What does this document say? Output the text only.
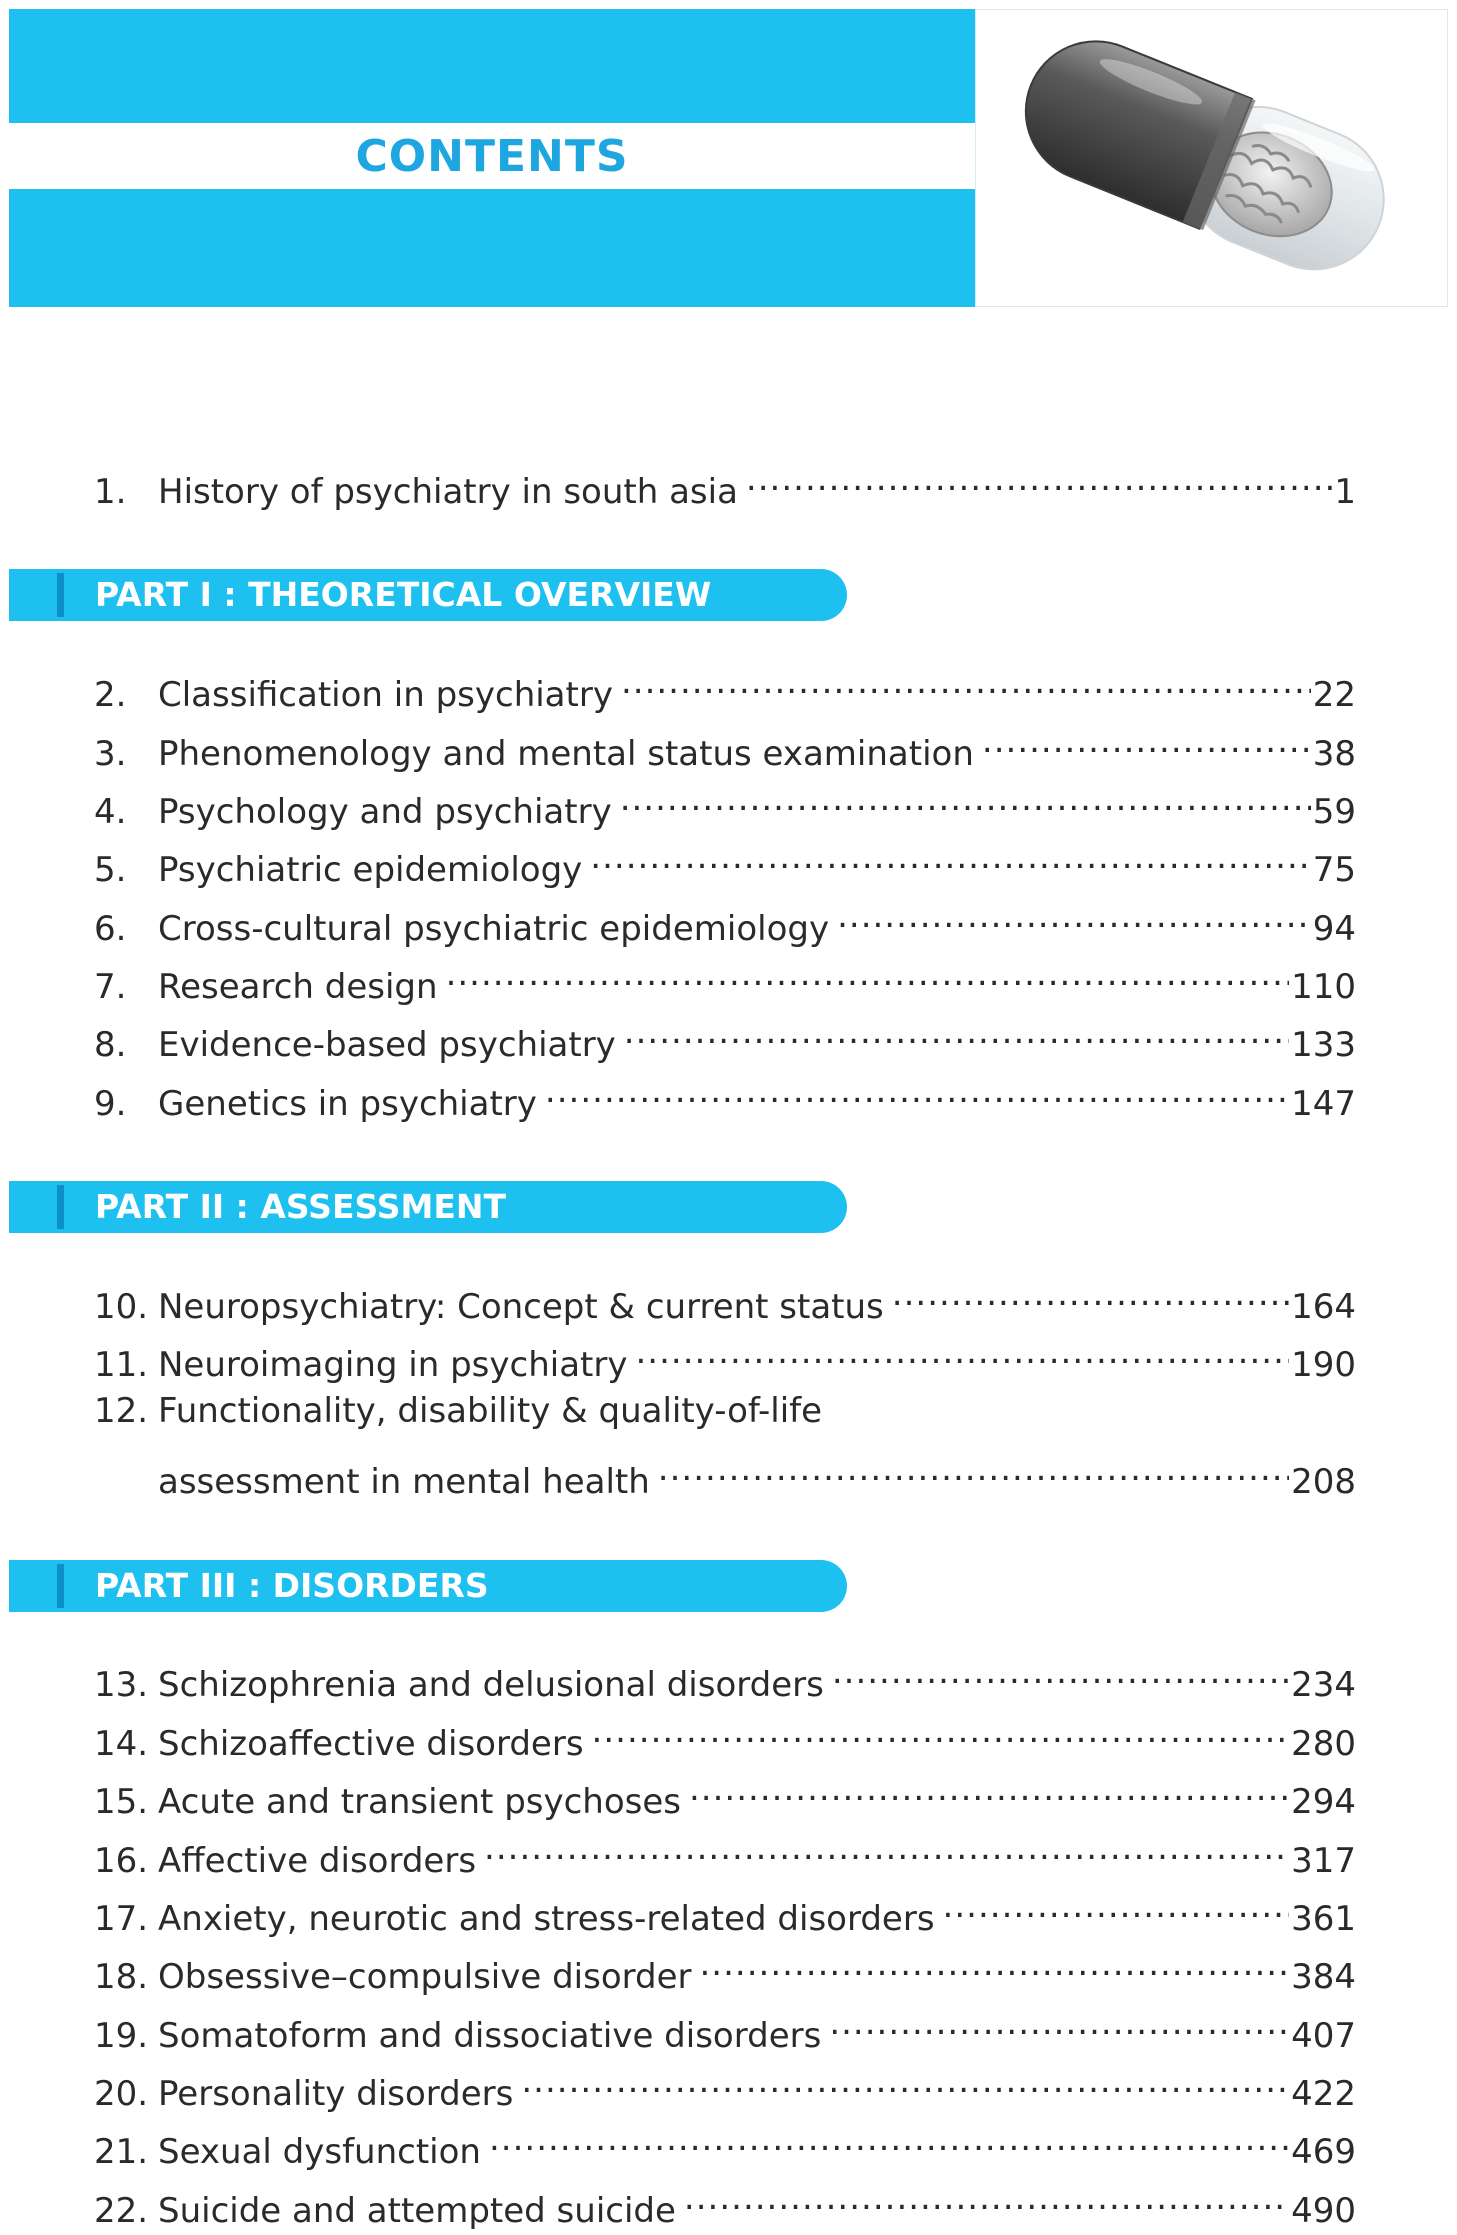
CONTENTS
1. History of psychiatry in south asia .....	1
PART I : THEORETICAL OVERVIEW
2. Classification in psychiatry .....	22
3. Phenomenology and mental status examination .....	38
4. Psychology and psychiatry .....	59
5. Psychiatric epidemiology .....	75
6. Cross-cultural psychiatric epidemiology .....	94
7. Research design .....	110
8. Evidence-based psychiatry .....	133
9. Genetics in psychiatry .....	147
PART II : ASSESSMENT
10. Neuropsychiatry: Concept & current status .....	164
11. Neuroimaging in psychiatry .....	190
12. Functionality, disability & quality-of-life
assessment in mental health .....	208
PART III : DISORDERS
13. Schizophrenia and delusional disorders .....	234
14. Schizoaffective disorders .....	280
15. Acute and transient psychoses .....	294
16. Affective disorders .....	317
17. Anxiety, neurotic and stress-related disorders .....	361
18. Obsessive–compulsive disorder .....	384
19. Somatoform and dissociative disorders .....	407
20. Personality disorders .....	422
21. Sexual dysfunction .....	469
22. Suicide and attempted suicide .....	490
